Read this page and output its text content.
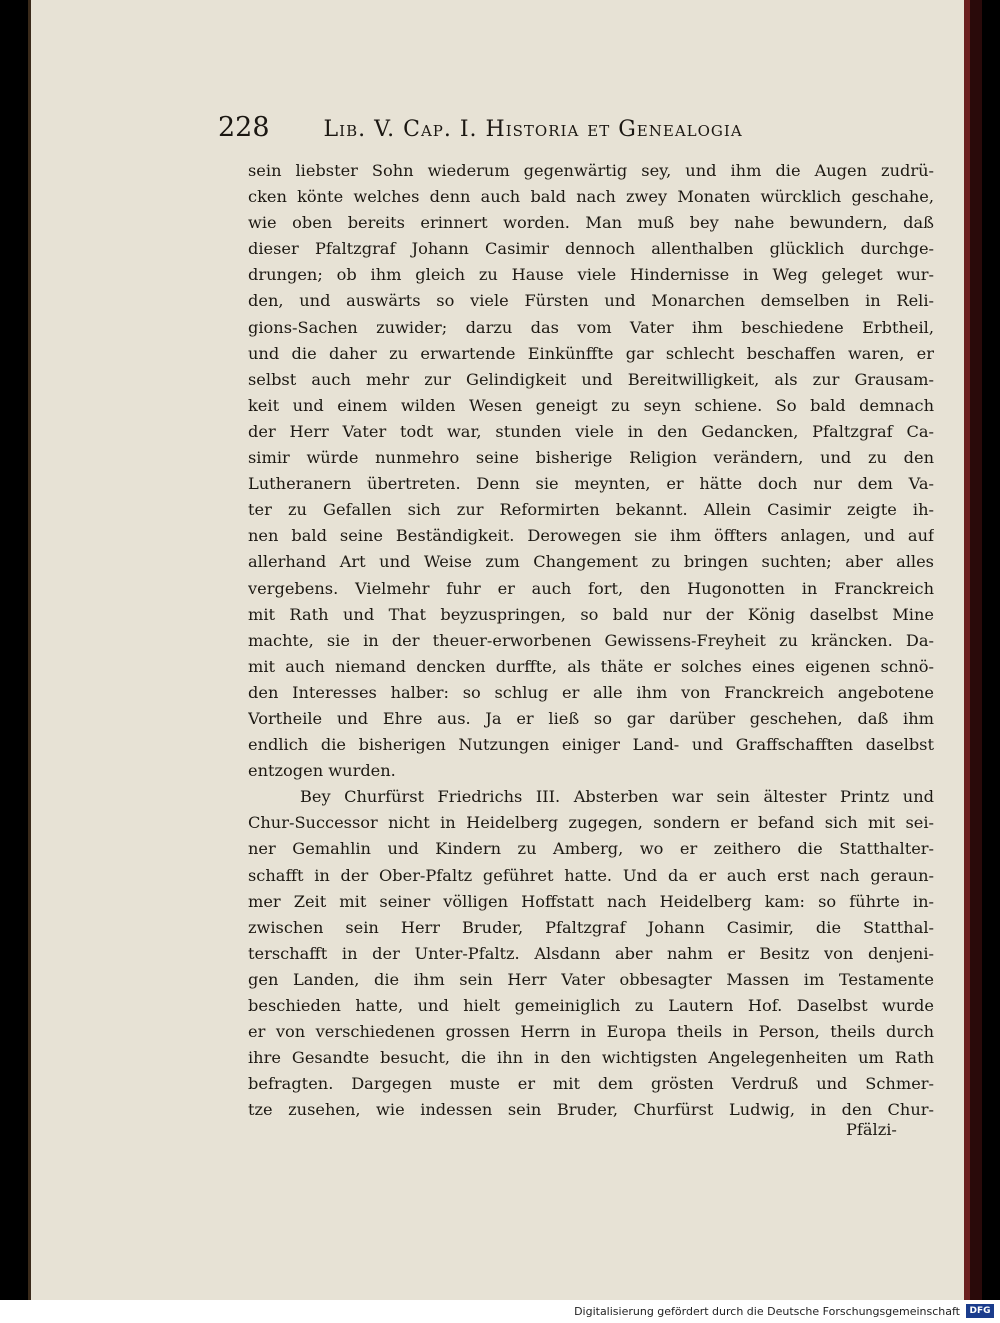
228 Lib. V. Cap. I. Historia et Genealogia
sein liebster Sohn wiederum gegenwärtig sey, und ihm die Augen zudrü-
cken könte welches denn auch bald nach zwey Monaten würcklich geschahe,
wie oben bereits erinnert worden. Man muß bey nahe bewundern, daß
dieser Pfaltzgraf Johann Casimir dennoch allenthalben glücklich durchge-
drungen; ob ihm gleich zu Hause viele Hindernisse in Weg geleget wur-
den, und auswärts so viele Fürsten und Monarchen demselben in Reli-
gions-Sachen zuwider; darzu das vom Vater ihm beschiedene Erbtheil,
und die daher zu erwartende Einkünffte gar schlecht beschaffen waren, er
selbst auch mehr zur Gelindigkeit und Bereitwilligkeit, als zur Grausam-
keit und einem wilden Wesen geneigt zu seyn schiene. So bald demnach
der Herr Vater todt war, stunden viele in den Gedancken, Pfaltzgraf Ca-
simir würde nunmehro seine bisherige Religion verändern, und zu den
Lutheranern übertreten. Denn sie meynten, er hätte doch nur dem Va-
ter zu Gefallen sich zur Reformirten bekannt. Allein Casimir zeigte ih-
nen bald seine Beständigkeit. Derowegen sie ihm öffters anlagen, und auf
allerhand Art und Weise zum Changement zu bringen suchten; aber alles
vergebens. Vielmehr fuhr er auch fort, den Hugonotten in Franckreich
mit Rath und That beyzuspringen, so bald nur der König daselbst Mine
machte, sie in der theuer-erworbenen Gewissens-Freyheit zu kräncken. Da-
mit auch niemand dencken durffte, als thäte er solches eines eigenen schnö-
den Interesses halber: so schlug er alle ihm von Franckreich angebotene
Vortheile und Ehre aus. Ja er ließ so gar darüber geschehen, daß ihm
endlich die bisherigen Nutzungen einiger Land- und Graffschafften daselbst
entzogen wurden.
Bey Churfürst Friedrichs III. Absterben war sein ältester Printz und
Chur-Successor nicht in Heidelberg zugegen, sondern er befand sich mit sei-
ner Gemahlin und Kindern zu Amberg, wo er zeithero die Statthalter-
schafft in der Ober-Pfaltz geführet hatte. Und da er auch erst nach geraun-
mer Zeit mit seiner völligen Hoffstatt nach Heidelberg kam: so führte in-
zwischen sein Herr Bruder, Pfaltzgraf Johann Casimir, die Statthal-
terschafft in der Unter-Pfaltz. Alsdann aber nahm er Besitz von denjeni-
gen Landen, die ihm sein Herr Vater obbesagter Massen im Testamente
beschieden hatte, und hielt gemeiniglich zu Lautern Hof. Daselbst wurde
er von verschiedenen grossen Herrn in Europa theils in Person, theils durch
ihre Gesandte besucht, die ihn in den wichtigsten Angelegenheiten um Rath
befragten. Dargegen muste er mit dem grösten Verdruß und Schmer-
tze zusehen, wie indessen sein Bruder, Churfürst Ludwig, in den Chur-
Pfälzi-
Digitalisierung gefördert durch die Deutsche Forschungsgemeinschaft	DFG
